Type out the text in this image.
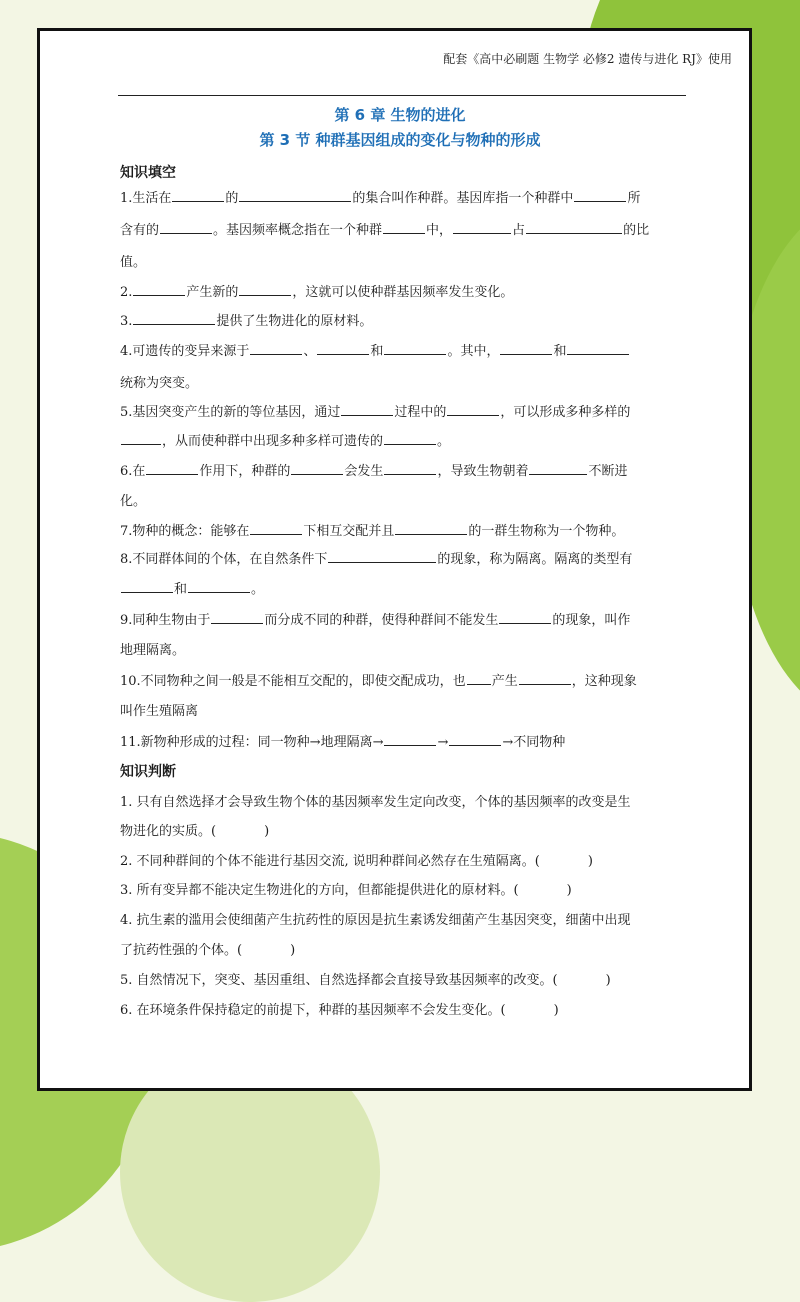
配套《高中必刷题 生物学 必修2 遗传与进化 RJ》使用
第 6 章 生物的进化
第 3 节 种群基因组成的变化与物种的形成
知识填空
1.生活在	的	的集合叫作种群。基因库指一个种群中	所
含有的	。基因频率概念指在一个种群	中，	占	的比
值。
2.	产生新的	，这就可以使种群基因频率发生变化。
3.	提供了生物进化的原材料。
4.可遗传的变异来源于	、	和	。其中，	和
统称为突变。
5.基因突变产生的新的等位基因，通过	过程中的	，可以形成多种多样的
，从而使种群中出现多种多样可遗传的	。
6.在	作用下，种群的	会发生	，导致生物朝着	不断进
化。
7.物种的概念：能够在	下相互交配并且	的一群生物称为一个物种。
8.不同群体间的个体，在自然条件下	的现象，称为隔离。隔离的类型有
和	。
9.同种生物由于	而分成不同的种群，使得种群间不能发生	的现象，叫作
地理隔离。
10.不同物种之间一般是不能相互交配的，即使交配成功，也 产生	，这种现象
叫作生殖隔离
11.新物种形成的过程：同一物种→地理隔离→	→	→不同物种
知识判断
1. 只有自然选择才会导致生物个体的基因频率发生定向改变，个体的基因频率的改变是生
物进化的实质。(	)
2. 不同种群间的个体不能进行基因交流, 说明种群间必然存在生殖隔离。(	)
3. 所有变异都不能决定生物进化的方向，但都能提供进化的原材料。(	)
4. 抗生素的滥用会使细菌产生抗药性的原因是抗生素诱发细菌产生基因突变，细菌中出现
了抗药性强的个体。(	)
5. 自然情况下，突变、基因重组、自然选择都会直接导致基因频率的改变。(	)
6. 在环境条件保持稳定的前提下，种群的基因频率不会发生变化。(	)
